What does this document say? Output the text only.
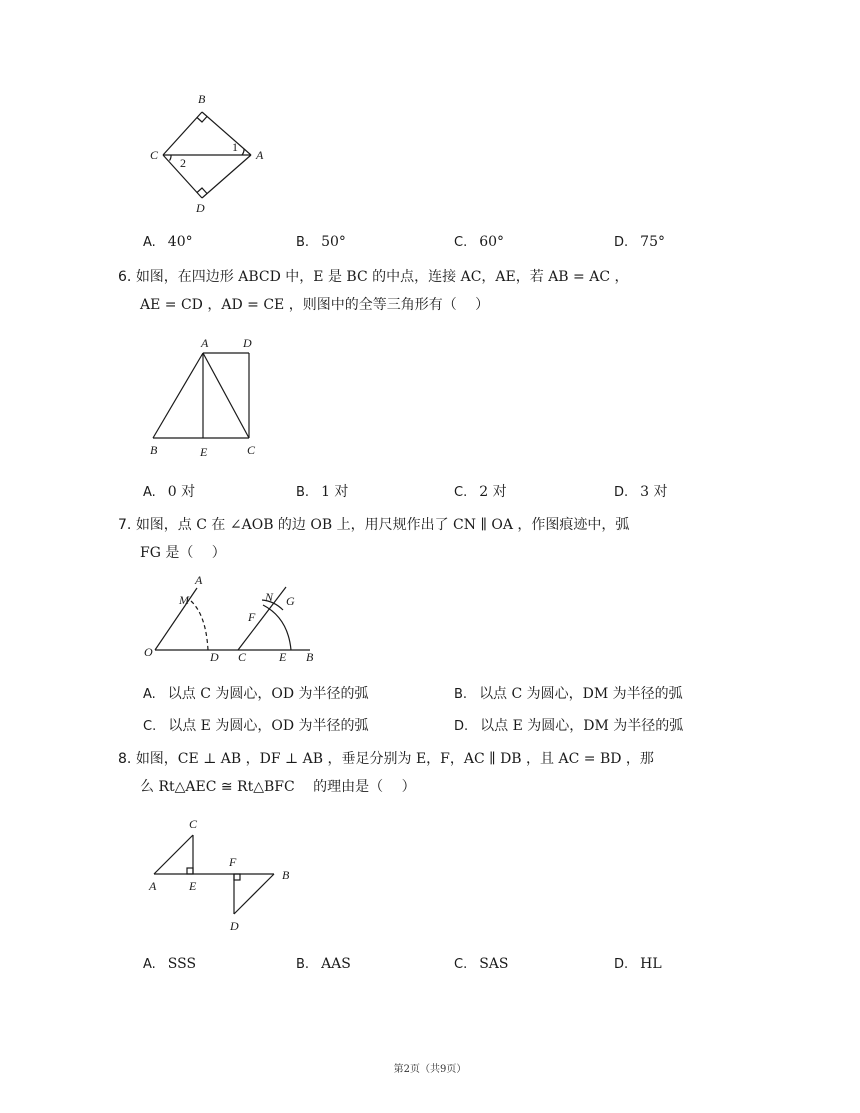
B
C	A
D
1
2
A. 40°	B. 50°	C. 60°	D. 75°
6. 如图，在四边形 ABCD 中，E 是 BC 的中点，连接 AC，AE，若 AB = AC ，
AE = CD ，AD = CE ，则图中的全等三角形有（　 ）
A	D
B	E	C
A. 0 对	B. 1 对	C. 2 对	D. 3 对
7. 如图，点 C 在 ∠AOB 的边 OB 上，用尺规作出了 CN ∥ OA ，作图痕迹中，弧
FG 是（　 ）
A
M
O	D
N G
F
C	E B
A. 以点 C 为圆心，OD 为半径的弧	B. 以点 C 为圆心，DM 为半径的弧
C. 以点 E 为圆心，OD 为半径的弧	D. 以点 E 为圆心，DM 为半径的弧
8. 如图，CE ⊥ AB ，DF ⊥ AB ，垂足分别为 E，F，AC ∥ DB ，且 AC = BD ，那
么 Rt△AEC ≅ Rt△BFC 　的理由是（　 ）
C
F
B
A	E
D
A. SSS	B. AAS	C. SAS	D. HL
第2页（共9页）
